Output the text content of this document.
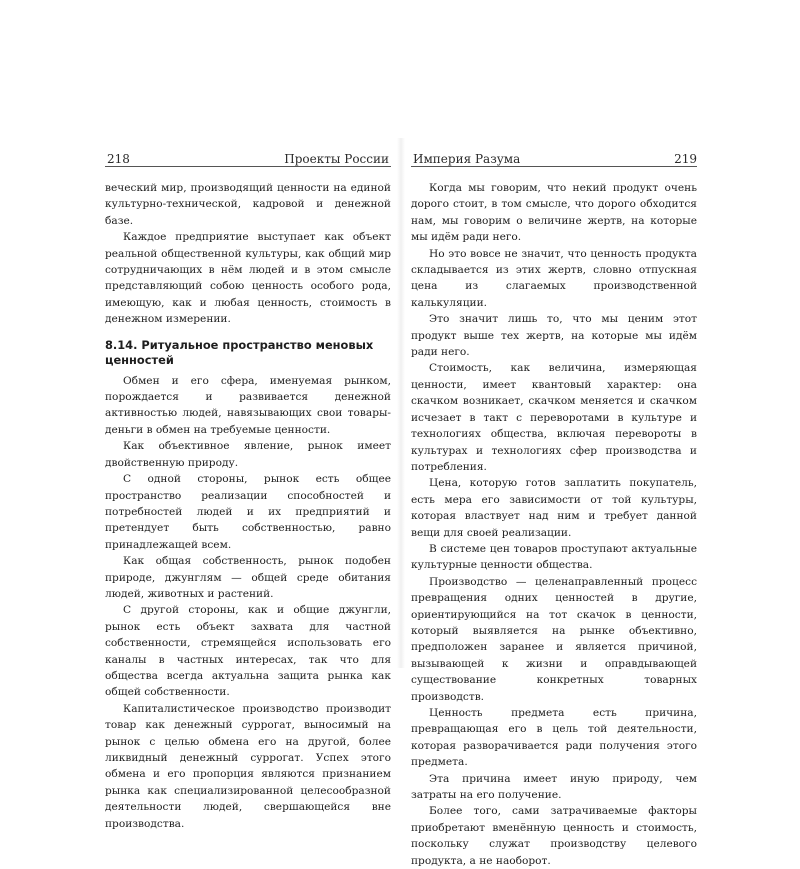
218	Проекты России

вечеcкий мир, производящий ценности на единой культурно-технической, кадровой и денежной базе.

Каждое предприятие выступает как объект реальной общественной культуры, как общий мир сотрудничающих в нём людей и в этом смысле представляющий собою ценность особого рода, имеющую, как и любая ценность, стоимость в денежном измерении.

8.14. Ритуальное пространство меновых ценностей

Обмен и его сфера, именуемая рынком, порождается и развивается денежной активностью людей, навязывающих свои товары-деньги в обмен на требуемые ценности.

Как объективное явление, рынок имеет двойственную природу.

С одной стороны, рынок есть общее пространство реализации способностей и потребностей людей и их предприятий и претендует быть собственностью, равно принадлежащей всем.

Как общая собственность, рынок подобен природе, джунглям — общей среде обитания людей, животных и растений.

С другой стороны, как и общие джунгли, рынок есть объект захвата для частной собственности, стремящейся использовать его каналы в частных интересах, так что для общества всегда актуальна защита рынка как общей собственности.

Капиталистическое производство производит товар как денежный суррогат, выносимый на рынок с целью обмена его на другой, более ликвидный денежный суррогат. Успех этого обмена и его пропорция являются признанием рынка как специализированной целесообразной деятельности людей, свершающейся вне производства.

Империя Разума	219

Когда мы говорим, что некий продукт очень дорого стоит, в том смысле, что дорого обходится нам, мы говорим о величине жертв, на которые мы идём ради него.

Но это вовсе не значит, что ценность продукта складывается из этих жертв, словно отпускная цена из слагаемых производственной калькуляции.

Это значит лишь то, что мы ценим этот продукт выше тех жертв, на которые мы идём ради него.

Стоимость, как величина, измеряющая ценности, имеет квантовый характер: она скачком возникает, скачком меняется и скачком исчезает в такт с переворотами в культуре и технологиях общества, включая перевороты в культурах и технологиях сфер производства и потребления.

Цена, которую готов заплатить покупатель, есть мера его зависимости от той культуры, которая властвует над ним и требует данной вещи для своей реализации.

В системе цен товаров проступают актуальные культурные ценности общества.

Производство — целенаправленный процесс превращения одних ценностей в другие, ориентирующийся на тот скачок в ценности, который выявляется на рынке объективно, предположен заранее и является причиной, вызывающей к жизни и оправдывающей существование конкретных товарных производств.

Ценность предмета есть причина, превращающая его в цель той деятельности, которая разворачивается ради получения этого предмета.

Эта причина имеет иную природу, чем затраты на его получение.

Более того, сами затрачиваемые факторы приобретают вменённую ценность и стоимость, поскольку служат производству целевого продукта, а не наоборот.
